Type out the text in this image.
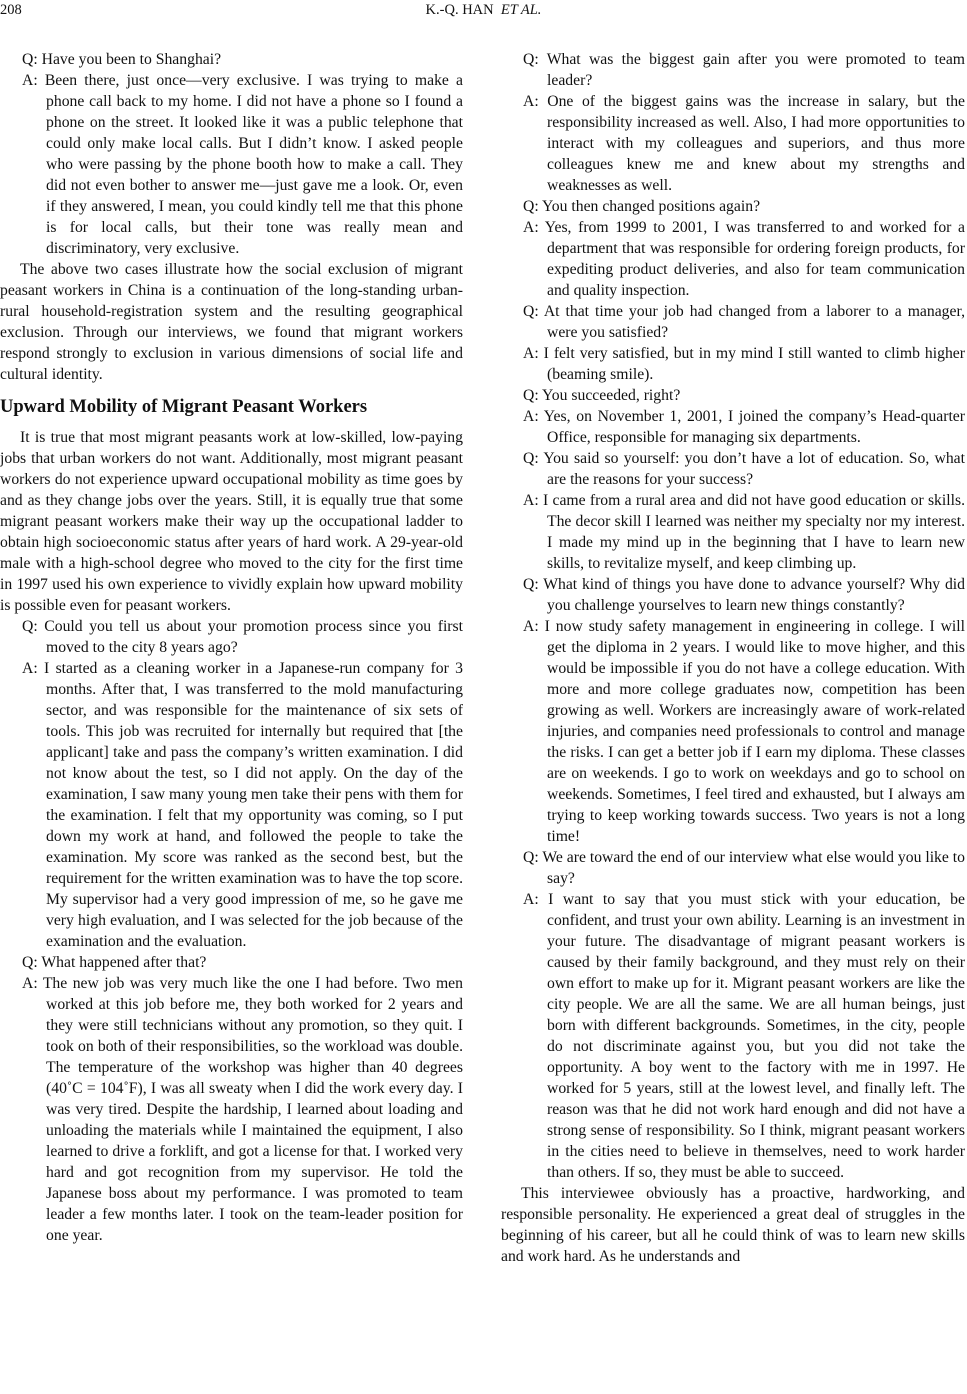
208	K.-Q. HAN ET AL.

Q: Have you been to Shanghai?

A: Been there, just once—very exclusive. I was trying to make a phone call back to my home. I did not have a phone so I found a phone on the street. It looked like it was a public telephone that could only make local calls. But I didn’t know. I asked people who were passing by the phone booth how to make a call. They did not even bother to answer me—just gave me a look. Or, even if they answered, I mean, you could kindly tell me that this phone is for local calls, but their tone was really mean and discriminatory, very exclusive.

The above two cases illustrate how the social exclusion of migrant peasant workers in China is a continuation of the long-standing urban-rural household-registration system and the resulting geographical exclusion. Through our interviews, we found that migrant workers respond strongly to exclusion in various dimensions of social life and cultural identity.

Upward Mobility of Migrant Peasant Workers

It is true that most migrant peasants work at low-skilled, low-paying jobs that urban workers do not want. Additionally, most migrant peasant workers do not experience upward occupational mobility as time goes by and as they change jobs over the years. Still, it is equally true that some migrant peasant workers make their way up the occupational ladder to obtain high socioeconomic status after years of hard work. A 29-year-old male with a high-school degree who moved to the city for the first time in 1997 used his own experience to vividly explain how upward mobility is possible even for peasant workers.

Q: Could you tell us about your promotion process since you first moved to the city 8 years ago?

A: I started as a cleaning worker in a Japanese-run company for 3 months. After that, I was transferred to the mold manufacturing sector, and was responsible for the maintenance of six sets of tools. This job was recruited for internally but required that [the applicant] take and pass the company’s written examination. I did not know about the test, so I did not apply. On the day of the examination, I saw many young men take their pens with them for the examination. I felt that my opportunity was coming, so I put down my work at hand, and followed the people to take the examination. My score was ranked as the second best, but the requirement for the written examination was to have the top score. My supervisor had a very good impression of me, so he gave me very high evaluation, and I was selected for the job because of the examination and the evaluation.

Q: What happened after that?

A: The new job was very much like the one I had before. Two men worked at this job before me, they both worked for 2 years and they were still technicians without any promotion, so they quit. I took on both of their responsibilities, so the workload was double. The temperature of the workshop was higher than 40 degrees (40˚C = 104˚F), I was all sweaty when I did the work every day. I was very tired. Despite the hardship, I learned about loading and unloading the materials while I maintained the equipment, I also learned to drive a forklift, and got a license for that. I worked very hard and got recognition from my supervisor. He told the Japanese boss about my performance. I was promoted to team leader a few months later. I took on the team-leader position for one year.

Q: What was the biggest gain after you were promoted to team leader?

A: One of the biggest gains was the increase in salary, but the responsibility increased as well. Also, I had more opportunities to interact with my colleagues and superiors, and thus more colleagues knew me and knew about my strengths and weaknesses as well.

Q: You then changed positions again?

A: Yes, from 1999 to 2001, I was transferred to and worked for a department that was responsible for ordering foreign products, for expediting product deliveries, and also for team communication and quality inspection.

Q: At that time your job had changed from a laborer to a manager, were you satisfied?

A: I felt very satisfied, but in my mind I still wanted to climb higher (beaming smile).

Q: You succeeded, right?

A: Yes, on November 1, 2001, I joined the company’s Head-quarter Office, responsible for managing six departments.

Q: You said so yourself: you don’t have a lot of education. So, what are the reasons for your success?

A: I came from a rural area and did not have good education or skills. The decor skill I learned was neither my specialty nor my interest. I made my mind up in the beginning that I have to learn new skills, to revitalize myself, and keep climbing up.

Q: What kind of things you have done to advance yourself? Why did you challenge yourselves to learn new things constantly?

A: I now study safety management in engineering in college. I will get the diploma in 2 years. I would like to move higher, and this would be impossible if you do not have a college education. With more and more college graduates now, competition has been growing as well. Workers are increasingly aware of work-related injuries, and companies need professionals to control and manage the risks. I can get a better job if I earn my diploma. These classes are on weekends. I go to work on weekdays and go to school on weekends. Sometimes, I feel tired and exhausted, but I always am trying to keep working towards success. Two years is not a long time!

Q: We are toward the end of our interview what else would you like to say?

A: I want to say that you must stick with your education, be confident, and trust your own ability. Learning is an investment in your future. The disadvantage of migrant peasant workers is caused by their family background, and they must rely on their own effort to make up for it. Migrant peasant workers are like the city people. We are all the same. We are all human beings, just born with different backgrounds. Sometimes, in the city, people do not discriminate against you, but you did not take the opportunity. A boy went to the factory with me in 1997. He worked for 5 years, still at the lowest level, and finally left. The reason was that he did not work hard enough and did not have a strong sense of responsibility. So I think, migrant peasant workers in the cities need to believe in themselves, need to work harder than others. If so, they must be able to succeed.

This interviewee obviously has a proactive, hardworking, and responsible personality. He experienced a great deal of struggles in the beginning of his career, but all he could think of was to learn new skills and work hard. As he understands and
